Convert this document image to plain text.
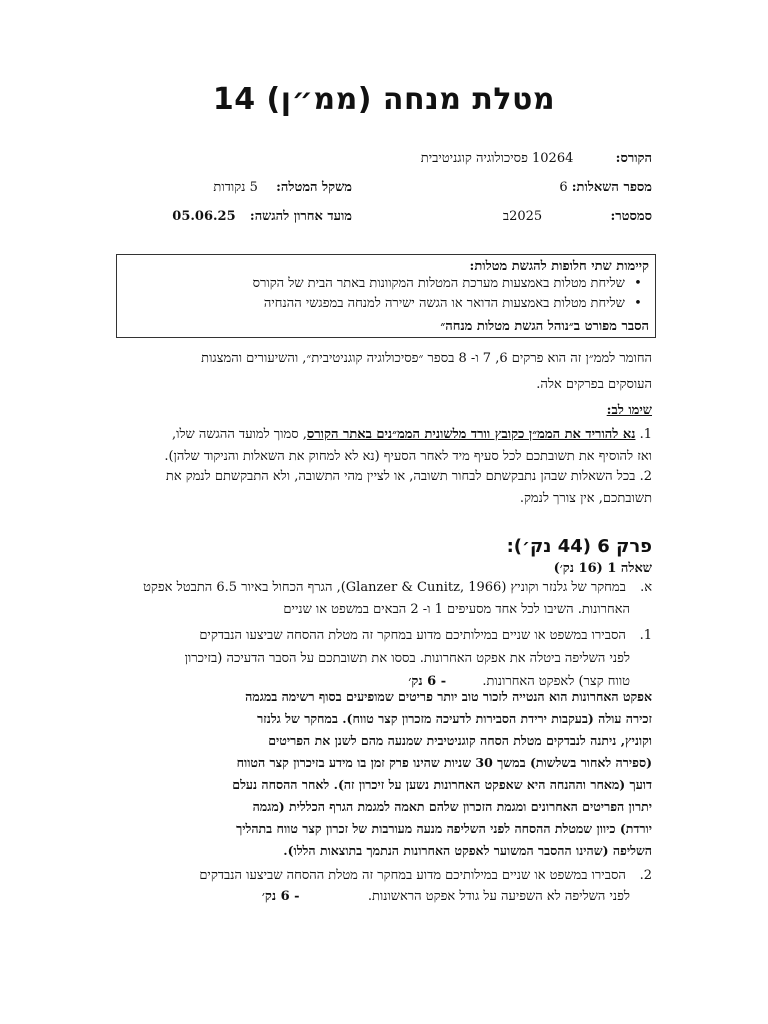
מטלת מנחה (ממ״ן) 14
הקורס:  10264 פסיכולוגיה קוגניטיבית
מספר השאלות: 6
משקל המטלה:  5 נקודות
סמסטר:  2025ב
מועד אחרון להגשה:  05.06.25
קיימות שתי חלופות להגשת מטלות:
• שליחת מטלות באמצעות מערכת המטלות המקוונות באתר הבית של הקורס
• שליחת מטלות באמצעות הדואר או הגשה ישירה למנחה במפגשי ההנחיה
הסבר מפורט ב״נוהל הגשת מטלות מנחה״
החומר לממ״ן זה הוא פרקים 6, 7 ו- 8 בספר ״פסיכולוגיה קוגניטיבית״, והשיעורים והמצגות
העוסקים בפרקים אלה.
שימו לב:
1. נא להוריד את הממ״ן כקובץ וורד מלשונית הממ״נים באתר הקורס, סמוך למועד ההגשה שלו,
ואז להוסיף את תשובתכם לכל סעיף מיד לאחר הסעיף (נא לא למחוק את השאלות והניקוד שלהן).
2. בכל השאלות שבהן נתבקשתם לבחור תשובה, או לציין מהי התשובה, ולא התבקשתם לנמק את
תשובתכם, אין צורך לנמק.
פרק 6 (44 נק׳):
שאלה 1 (16 נק׳)
א. במחקר של גלנזר וקוניץ (Glanzer & Cunitz, 1966), הגרף הכחול באיור 6.5 התבטל אפקט
האחרונות. השיבו לכל אחד מסעיפים 1 ו- 2 הבאים במשפט או שניים
1. הסבירו במשפט או שניים במילותיכם מדוע במחקר זה מטלת ההסחה שביצעו הנבדקים
לפני השליפה ביטלה את אפקט האחרונות. בססו את תשובתכם על הסבר הדעיכה (בזיכרון
טווח קצר) לאפקט האחרונות.  - 6 נק׳
אפקט האחרונות הוא הנטייה לזכור טוב יותר פריטים שמופיעים בסוף רשימה במגמה
זכירה עולה (בעקבות ירידת הסבירות לדעיכה מזכרון קצר טווח). במחקר של גלנזר
וקוניץ, ניתנה לנבדקים מטלת הסחה קוגניטיבית שמנעה מהם לשנן את הפריטים
(ספירה לאחור בשלשות) במשך 30 שניות שהינו פרק זמן בו מידע בזיכרון קצר הטווח
דועך (מאחר וההנחה היא שאפקט האחרונות נשען על זיכרון זה). לאחר ההסחה נעלם
יתרון הפריטים האחרונים ומגמת הזכרון שלהם תאמה למגמת הגרף הכללית (מגמה
יורדת) כיוון שמטלת ההסחה לפני השליפה מנעה מעורבות של זכרון קצר טווח בתהליך
השליפה (שהינו ההסבר המשוער לאפקט האחרונות הנתמך בתוצאות הללו).
2. הסבירו במשפט או שניים במילותיכם מדוע במחקר זה מטלת ההסחה שביצעו הנבדקים
לפני השליפה לא השפיעה על גודל אפקט הראשונות.  - 6 נק׳
